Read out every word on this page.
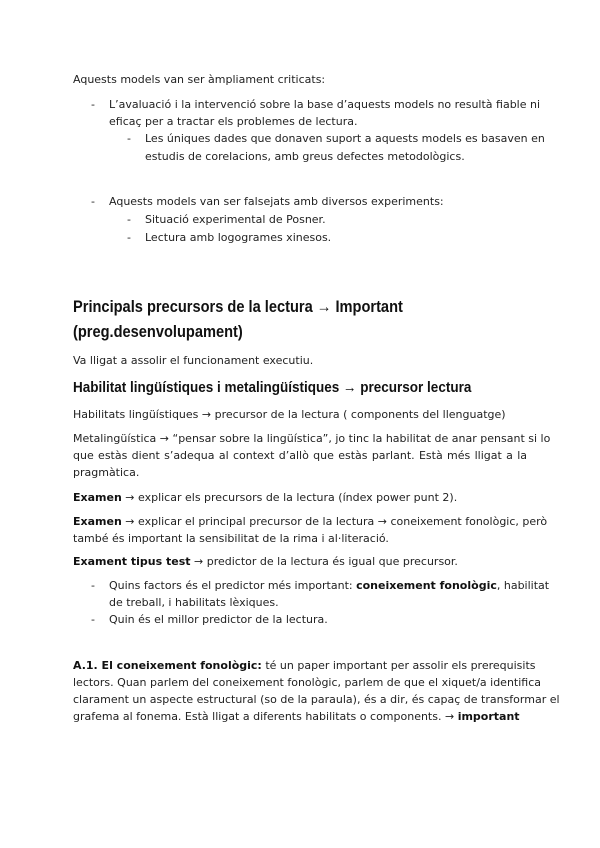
Aquests models van ser àmpliament criticats:

- L’avaluació i la intervenció sobre la base d’aquests models no resultà fiable ni

eficaç per a tractar els problemes de lectura.

- Les úniques dades que donaven suport a aquests models es basaven en

estudis de corelacions, amb greus defectes metodològics.

- Aquests models van ser falsejats amb diversos experiments:

- Situació experimental de Posner.

- Lectura amb logogrames xinesos.

Principals precursors de la lectura → Important
(preg.desenvolupament)

Va lligat a assolir el funcionament executiu.

Habilitat lingüístiques i metalingüístiques → precursor lectura

Habilitats lingüístiques → precursor de la lectura ( components del llenguatge)

Metalingüística → “pensar sobre la lingüística”, jo tinc la habilitat de anar pensant si lo

que estàs dient s’adequa al context d’allò que estàs parlant. Està més lligat a la

pragmàtica.

Examen → explicar els precursors de la lectura (índex power punt 2).

Examen → explicar el principal precursor de la lectura → coneixement fonològic, però

també és important la sensibilitat de la rima i al·literació.

Exament tipus test → predictor de la lectura és igual que precursor.

- Quins factors és el predictor més important: coneixement fonològic, habilitat

de treball, i habilitats lèxiques.

- Quin és el millor predictor de la lectura.

A.1. El coneixement fonològic: té un paper important per assolir els prerequisits

lectors. Quan parlem del coneixement fonològic, parlem de que el xiquet/a identifica

clarament un aspecte estructural (so de la paraula), és a dir, és capaç de transformar el

grafema al fonema. Està lligat a diferents habilitats o components. → important
